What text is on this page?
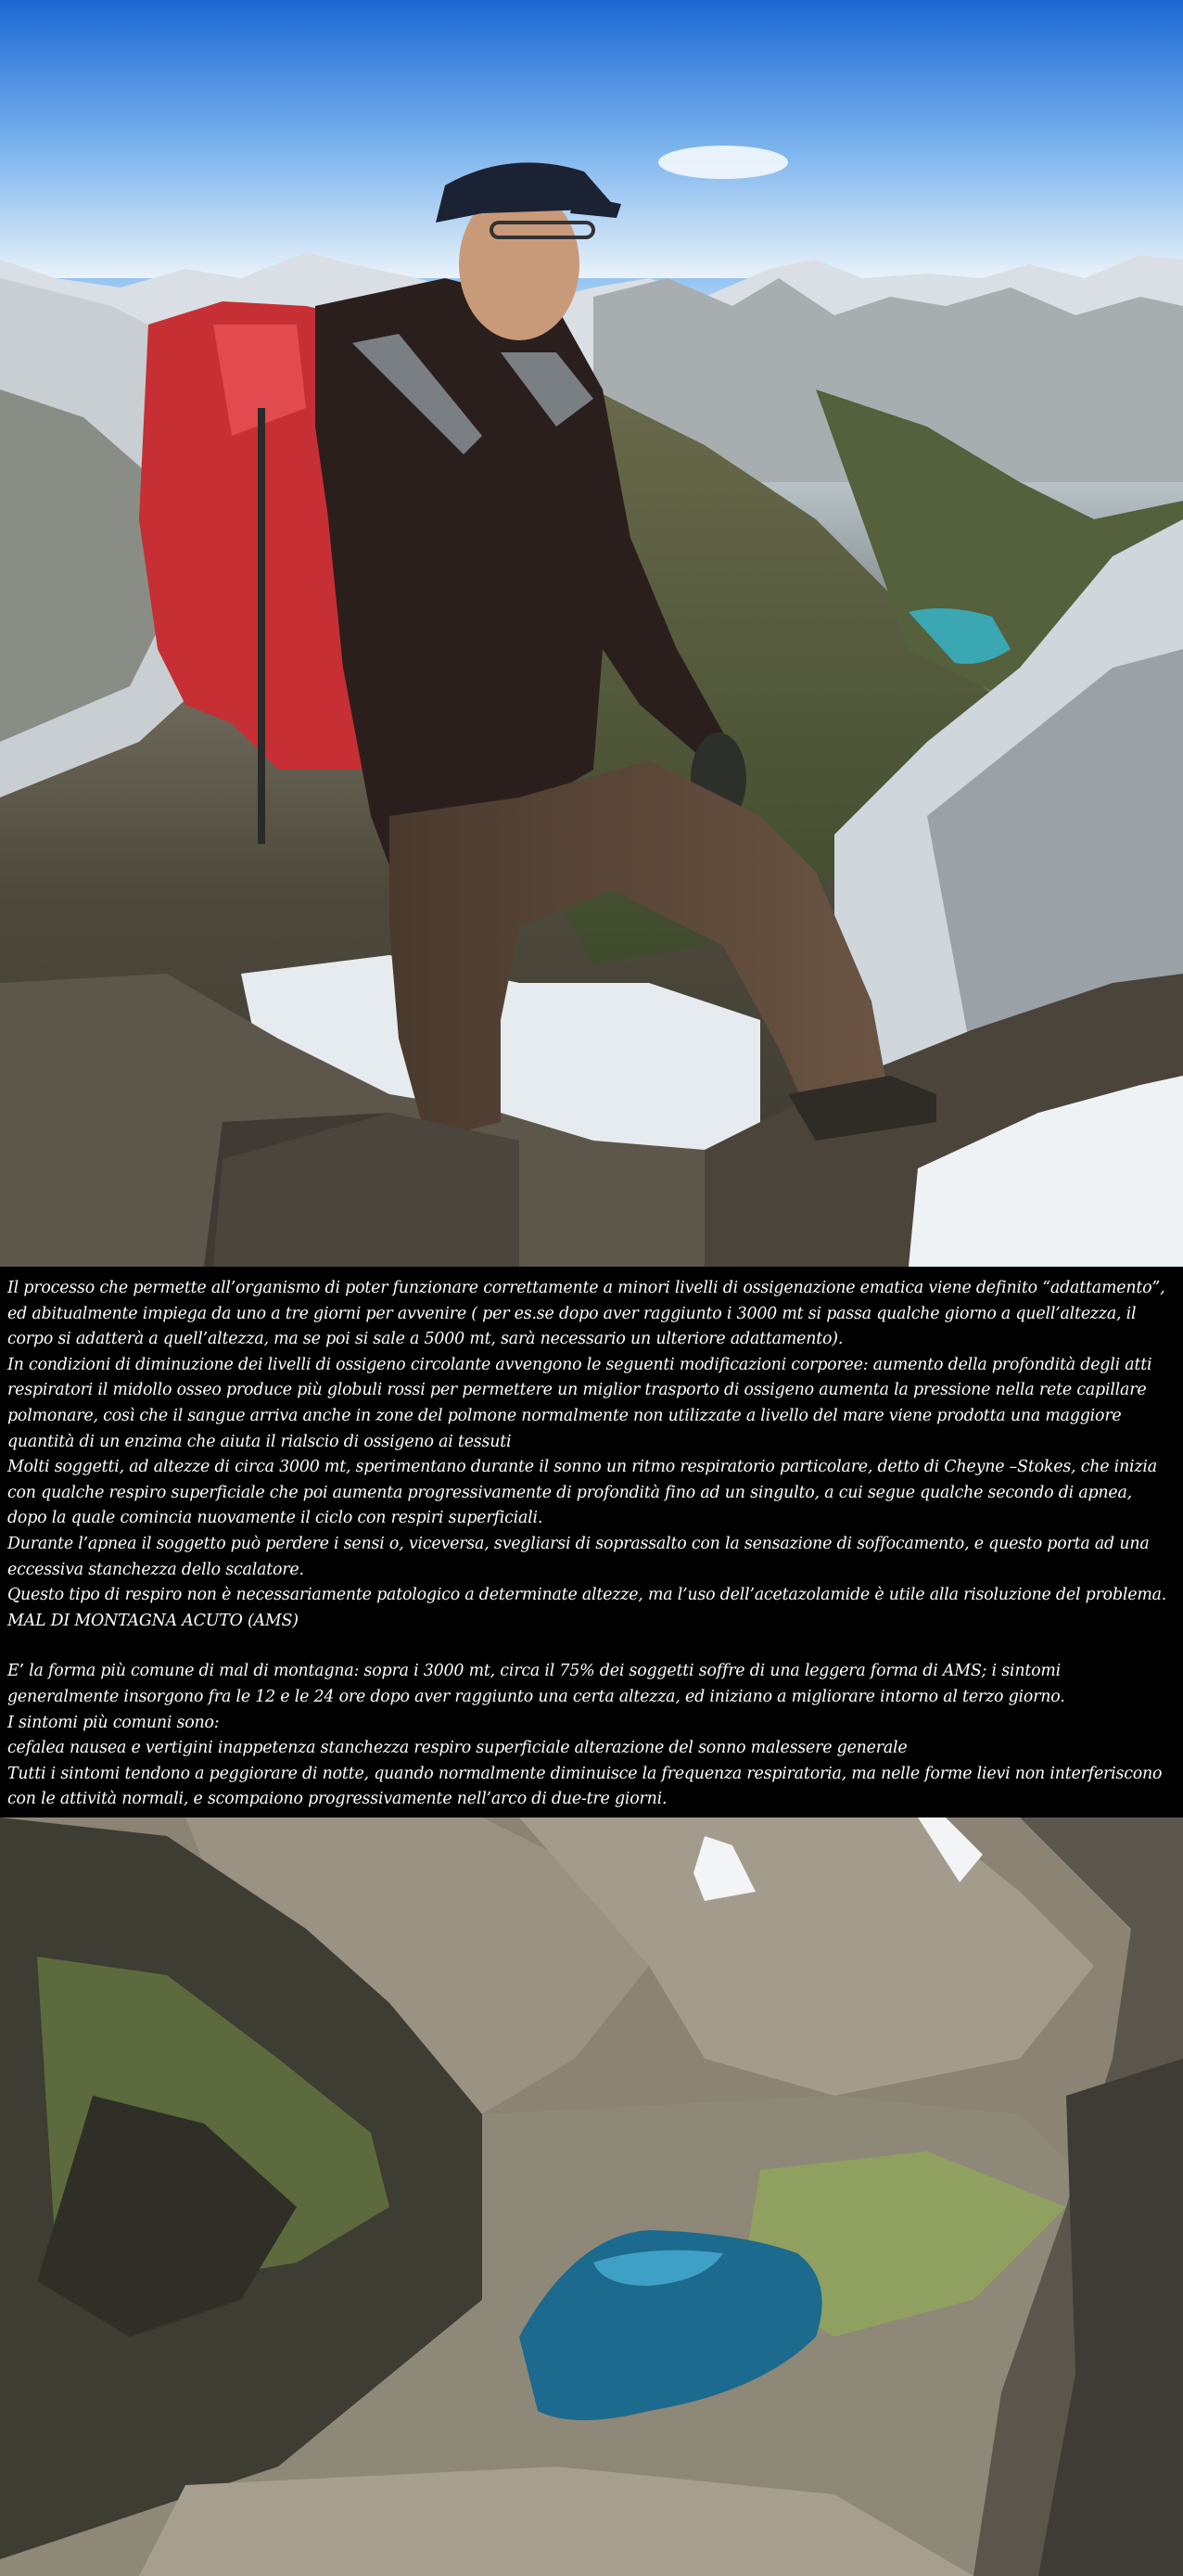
Il processo che permette all’organismo di poter funzionare correttamente a minori livelli di ossigenazione ematica viene definito “adattamento”, ed abitualmente impiega da uno a tre giorni per avvenire ( per es.se dopo aver raggiunto i 3000 mt si passa qualche giorno a quell’altezza, il corpo si adatterà a quell’altezza, ma se poi si sale a 5000 mt, sarà necessario un ulteriore adattamento).

In condizioni di diminuzione dei livelli di ossigeno circolante avvengono le seguenti modificazioni corporee: aumento della profondità degli atti respiratori il midollo osseo produce più globuli rossi per permettere un miglior trasporto di ossigeno aumenta la pressione nella rete capillare polmonare, così che il sangue arriva anche in zone del polmone normalmente non utilizzate a livello del mare viene prodotta una maggiore quantità di un enzima che aiuta il rialscio di ossigeno ai tessuti

Molti soggetti, ad altezze di circa 3000 mt, sperimentano durante il sonno un ritmo respiratorio particolare, detto di Cheyne –Stokes, che inizia con qualche respiro superficiale che poi aumenta progressivamente di profondità fino ad un singulto, a cui segue qualche secondo di apnea, dopo la quale comincia nuovamente il ciclo con respiri superficiali.

Durante l’apnea il soggetto può perdere i sensi o, viceversa, svegliarsi di soprassalto con la sensazione di soffocamento, e questo porta ad una eccessiva stanchezza dello scalatore.

Questo tipo di respiro non è necessariamente patologico a determinate altezze, ma l’uso dell’acetazolamide è utile alla risoluzione del problema.

MAL DI MONTAGNA ACUTO (AMS)

E’ la forma più comune di mal di montagna: sopra i 3000 mt, circa il 75% dei soggetti soffre di una leggera forma di AMS; i sintomi generalmente insorgono fra le 12 e le 24 ore dopo aver raggiunto una certa altezza, ed iniziano a migliorare intorno al terzo giorno.

I sintomi più comuni sono:

cefalea nausea e vertigini inappetenza stanchezza respiro superficiale alterazione del sonno malessere generale

Tutti i sintomi tendono a peggiorare di notte, quando normalmente diminuisce la frequenza respiratoria, ma nelle forme lievi non interferiscono con le attività normali, e scompaiono progressivamente nell’arco di due-tre giorni.
